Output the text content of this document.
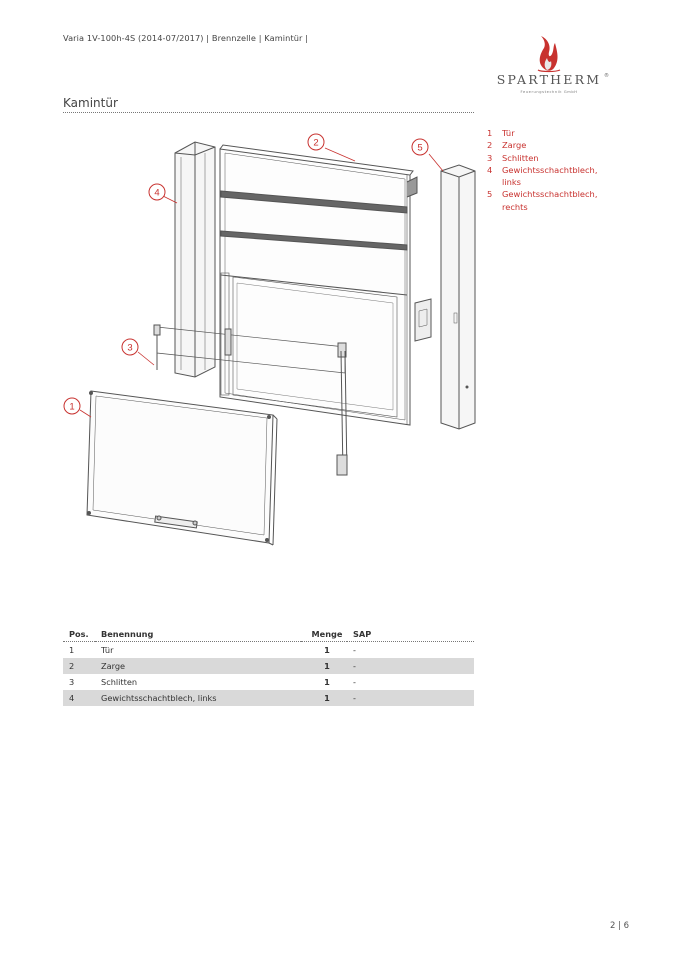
Varia 1V-100h-4S (2014-07/2017) | Brennzelle | Kamintür |
SPARTHERM ®
Feuerungstechnik GmbH
Kamintür
1	Tür
2	Zarge
3	Schlitten
4	Gewichtsschachtblech, links
5	Gewichtsschachtblech,
rechts
1
2
3
4
5
Pos.	Benennung	Menge	SAP
1	Tür	1	-
2	Zarge	1	-
3	Schlitten	1	-
4	Gewichtsschachtblech, links	1	-
2 | 6
